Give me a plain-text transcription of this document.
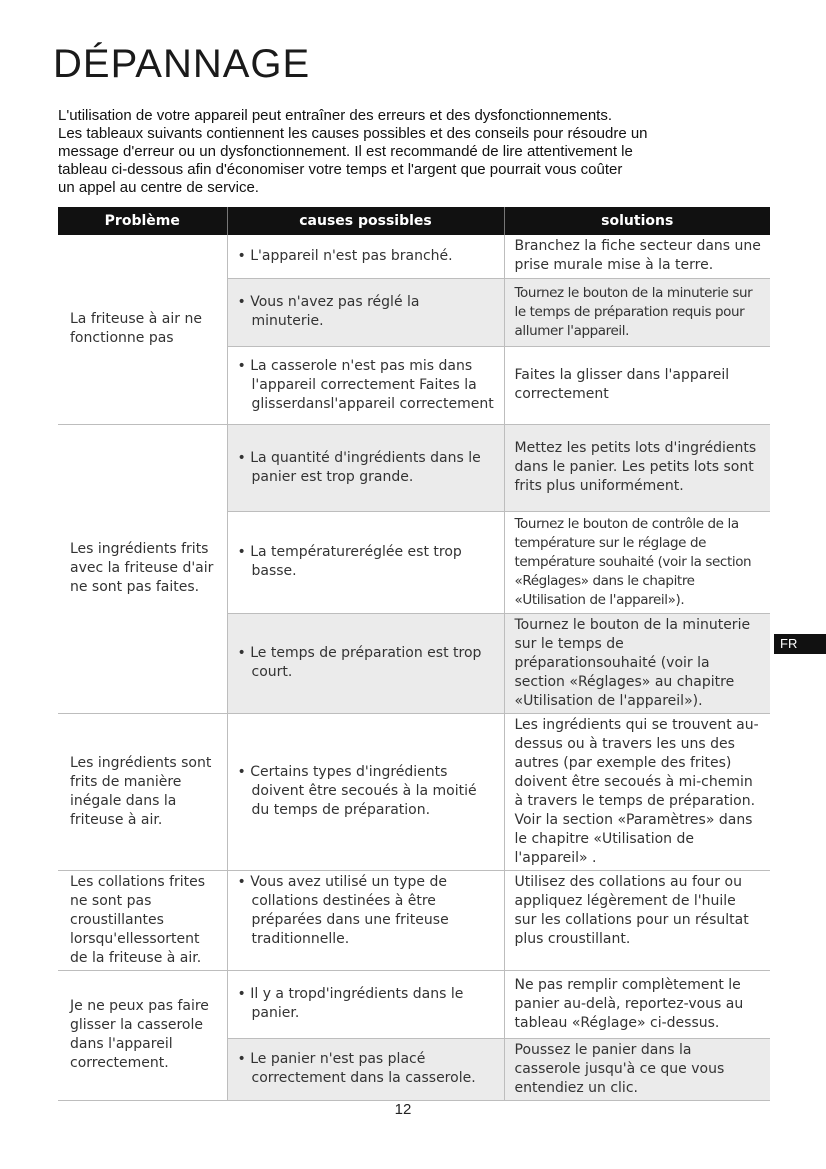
DÉPANNAGE
L'utilisation de votre appareil peut entraîner des erreurs et des dysfonctionnements.
Les tableaux suivants contiennent les causes possibles et des conseils pour résoudre un
message d'erreur ou un dysfonctionnement. Il est recommandé de lire attentivement le
tableau ci-dessous afin d'économiser votre temps et l'argent que pourrait vous coûter
un appel au centre de service.
Problème	causes possibles	solutions
La friteuse à air ne fonctionne pas	• L'appareil n'est pas branché.	Branchez la fiche secteur dans une prise murale mise à la terre.

	• Vous n'avez pas réglé la minuterie.	Tournez le bouton de la minuterie sur le temps de préparation requis pour allumer l'appareil.

	• La casserole n'est pas mis dans l'appareil correctement Faites la glisserdansl'appareil correctement	Faites la glisser dans l'appareil correctement
Les ingrédients frits avec la friteuse d'air ne sont pas faites.	• La quantité d'ingrédients dans le panier est trop grande.	Mettez les petits lots d'ingrédients dans le panier. Les petits lots sont frits plus uniformément.

	• La températureréglée est trop basse.	Tournez le bouton de contrôle de la température sur le réglage de température souhaité (voir la section «Réglages» dans le chapitre «Utilisation de l'appareil»).

	• Le temps de préparation est trop court.	Tournez le bouton de la minuterie sur le temps de préparationsouhaité (voir la section «Réglages» au chapitre «Utilisation de l'appareil»).
Les ingrédients sont frits de manière inégale dans la friteuse à air.	• Certains types d'ingrédients doivent être secoués à la moitié du temps de préparation.	Les ingrédients qui se trouvent au-dessus ou à travers les uns des autres (par exemple des frites) doivent être secoués à mi-chemin à travers le temps de préparation. Voir la section «Paramètres» dans le chapitre «Utilisation de l'appareil» .
Les collations frites ne sont pas croustillantes lorsqu'ellessortent de la friteuse à air.	• Vous avez utilisé un type de collations destinées à être préparées dans une friteuse traditionnelle.	Utilisez des collations au four ou appliquez légèrement de l'huile sur les collations pour un résultat plus croustillant.
Je ne peux pas faire glisser la casserole dans l'appareil correctement.	• Il y a tropd'ingrédients dans le panier.	Ne pas remplir complètement le panier au-delà, reportez-vous au tableau «Réglage» ci-dessus.

	• Le panier n'est pas placé correctement dans la casserole.	Poussez le panier dans la casserole jusqu'à ce que vous entendiez un clic.
FR
12
